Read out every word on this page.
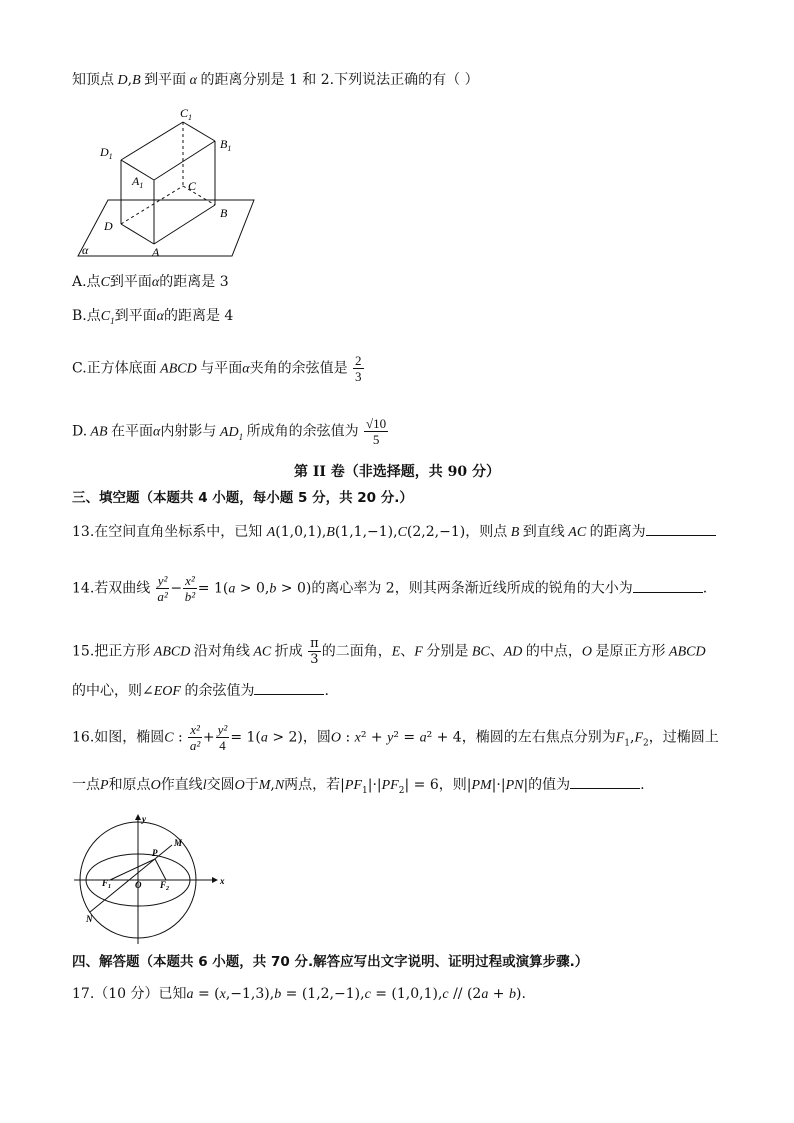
知顶点 D,B 到平面 α 的距离分别是 1 和 2.下列说法正确的有（ ）
$C_1$
$D_1$
$B_1$
$A_1$	C
D
B
A
α
A.点C到平面α的距离是 3
B.点$C_1$到平面α的距离是 4
C.正方体底面 ABCD 与平面α夹角的余弦值是 $\frac{2}{3}$
D. AB 在平面α内射影与 $AD_1$ 所成角的余弦值为 $\frac{√10}{5}$
第 II 卷（非选择题，共 90 分）
三、填空题（本题共 4 小题，每小题 5 分，共 20 分.）
13.在空间直角坐标系中，已知 A(1,0,1),B(1,1,−1),C(2,2,−1)，则点 B 到直线 AC 的距离为
14.若双曲线 $\frac{\text{y²}}{\text{a²}} - \frac{\text{x²}}{\text{b²}} = 1(a > 0,b > 0)$的离心率为 2，则其两条渐近线所成的锐角的大小为	.
15.把正方形 ABCD 沿对角线 AC 折成 $\frac{\pi}{3}$ 的二面角，E、F 分别是 BC、AD 的中点，O 是原正方形 ABCD
的中心，则∠EOF 的余弦值为	.
16.如图，椭圆C : $\frac{\text{x²}}{\text{a²}} + \frac{\text{y²}}{4} = 1(a > 2)$，圆O : x² + y² = a² + 4，椭圆的左右焦点分别为$F_1,F_2$，过椭圆上
一点P和原点O作直线l交圆O于M,N两点，若$|PF_1|\cdot|PF_2| = 6$，则|PM|·|PN|的值为	.
y
x
M
P
$F_1$	O $F_2$
N
四、解答题（本题共 6 小题，共 70 分.解答应写出文字说明、证明过程或演算步骤.）
17.（10 分）已知a = (x,−1,3),b = (1,2,−1),c = (1,0,1),c // (2a + b).
